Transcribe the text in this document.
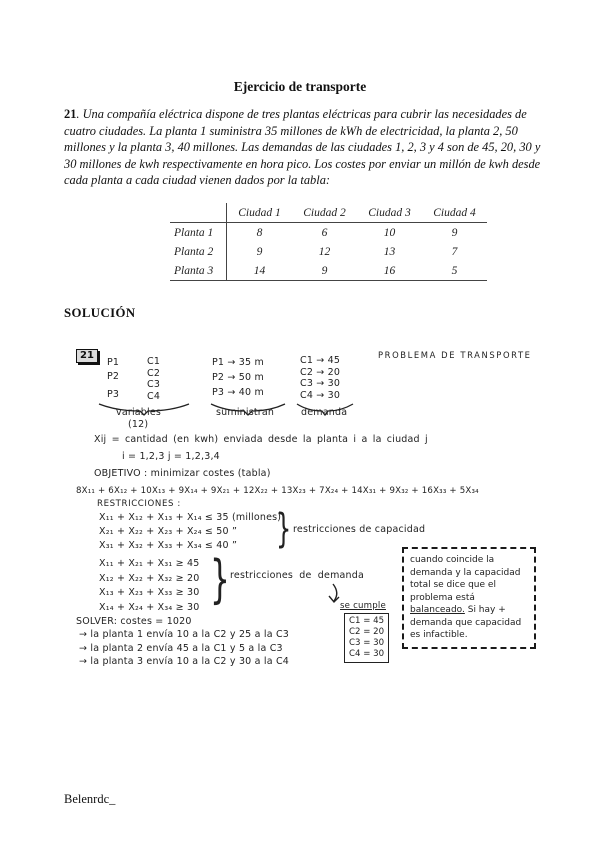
Ejercicio de transporte
21. Una compañía eléctrica dispone de tres plantas eléctricas para cubrir las necesidades de cuatro ciudades. La planta 1 suministra 35 millones de kWh de electricidad, la planta 2, 50 millones y la planta 3, 40 millones. Las demandas de las ciudades 1, 2, 3 y 4 son de 45, 20, 30 y 30 millones de kwh respectivamente en hora pico. Los costes por enviar un millón de kwh desde cada planta a cada ciudad vienen dados por la tabla:
	Ciudad 1	Ciudad 2	Ciudad 3	Ciudad 4
Planta 1	8	6	10	9
Planta 2	9	12	13	7
Planta 3	14	9	16	5
SOLUCIÓN
21
P1
P2
P3
C1
C2
C3
C4
variables
(12)
P1 → 35 m
P2 → 50 m
P3 → 40 m
suministran
C1 → 45
C2 → 20
C3 → 30
C4 → 30
demanda
PROBLEMA DE TRANSPORTE
Xij = cantidad (en kwh) enviada desde la planta i a la ciudad j
i = 1,2,3 j = 1,2,3,4
OBJETIVO : minimizar costes (tabla)
8X₁₁ + 6X₁₂ + 10X₁₃ + 9X₁₄ + 9X₂₁ + 12X₂₂ + 13X₂₃ + 7X₂₄ + 14X₃₁ + 9X₃₂ + 16X₃₃ + 5X₃₄
RESTRICCIONES :
X₁₁ + X₁₂ + X₁₃ + X₁₄ ≤ 35 (millones)
X₂₁ + X₂₂ + X₂₃ + X₂₄ ≤ 50 ”
X₃₁ + X₃₂ + X₃₃ + X₃₄ ≤ 40 ” } restricciones de capacidad
X₁₁ + X₂₁ + X₃₁ ≥ 45
X₁₂ + X₂₂ + X₃₂ ≥ 20
X₁₃ + X₂₃ + X₃₃ ≥ 30
X₁₄ + X₂₄ + X₃₄ ≥ 30 } restricciones de demanda
se cumple
C1 = 45
C2 = 20
C3 = 30
C4 = 30
cuando coincide la demanda y la capacidad total se dice que el problema está balanceado. Si hay + demanda que capacidad es infactible.
SOLVER: costes = 1020
→ la planta 1 envía 10 a la C2 y 25 a la C3
→ la planta 2 envía 45 a la C1 y 5 a la C3
→ la planta 3 envía 10 a la C2 y 30 a la C4
Belenrdc_
